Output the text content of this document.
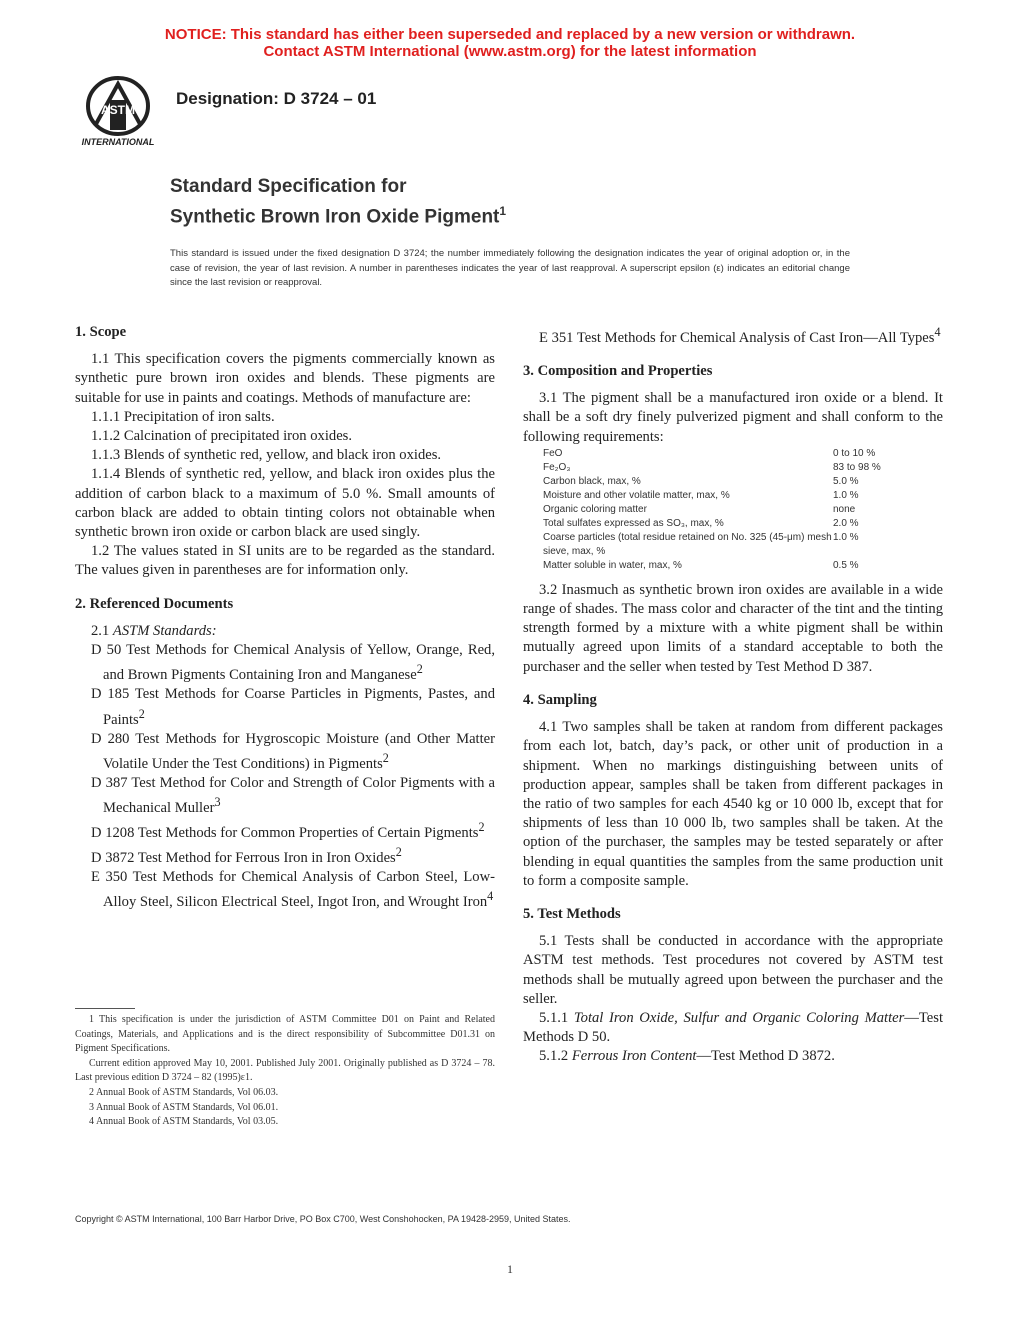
NOTICE: This standard has either been superseded and replaced by a new version or withdrawn.
Contact ASTM International (www.astm.org) for the latest information
ASTM
INTERNATIONAL
Designation: D 3724 – 01
Standard Specification for
Synthetic Brown Iron Oxide Pigment$^1$
This standard is issued under the fixed designation D 3724; the number immediately following the designation indicates the year of original adoption or, in the case of revision, the year of last revision. A number in parentheses indicates the year of last reapproval. A superscript epsilon (ε) indicates an editorial change since the last revision or reapproval.
1. Scope

1.1 This specification covers the pigments commercially known as synthetic pure brown iron oxides and blends. These pigments are suitable for use in paints and coatings. Methods of manufacture are:

1.1.1 Precipitation of iron salts.

1.1.2 Calcination of precipitated iron oxides.

1.1.3 Blends of synthetic red, yellow, and black iron oxides.

1.1.4 Blends of synthetic red, yellow, and black iron oxides plus the addition of carbon black to a maximum of 5.0 %. Small amounts of carbon black are added to obtain tinting colors not obtainable when synthetic brown iron oxide or carbon black are used singly.

1.2 The values stated in SI units are to be regarded as the standard. The values given in parentheses are for information only.

2. Referenced Documents

2.1 ASTM Standards:

D 50 Test Methods for Chemical Analysis of Yellow, Orange, Red, and Brown Pigments Containing Iron and Manganese$^2$

D 185 Test Methods for Coarse Particles in Pigments, Pastes, and Paints$^2$

D 280 Test Methods for Hygroscopic Moisture (and Other Matter Volatile Under the Test Conditions) in Pigments$^2$

D 387 Test Method for Color and Strength of Color Pigments with a Mechanical Muller$^3$

D 1208 Test Methods for Common Properties of Certain Pigments$^2$

D 3872 Test Method for Ferrous Iron in Iron Oxides$^2$

E 350 Test Methods for Chemical Analysis of Carbon Steel, Low-Alloy Steel, Silicon Electrical Steel, Ingot Iron, and Wrought Iron$^4$

1 This specification is under the jurisdiction of ASTM Committee D01 on Paint and Related Coatings, Materials, and Applications and is the direct responsibility of Subcommittee D01.31 on Pigment Specifications.

Current edition approved May 10, 2001. Published July 2001. Originally published as D 3724 – 78. Last previous edition D 3724 – 82 (1995)ε1.

2 Annual Book of ASTM Standards, Vol 06.03.

3 Annual Book of ASTM Standards, Vol 06.01.

4 Annual Book of ASTM Standards, Vol 03.05.

E 351 Test Methods for Chemical Analysis of Cast Iron—All Types$^4$

3. Composition and Properties

3.1 The pigment shall be a manufactured iron oxide or a blend. It shall be a soft dry finely pulverized pigment and shall conform to the following requirements:

FeO	0 to 10 %
Fe₂O₃	83 to 98 %
Carbon black, max, %	5.0 %
Moisture and other volatile matter, max, %	1.0 %
Organic coloring matter	none
Total sulfates expressed as SO₃, max, %	2.0 %
Coarse particles (total residue retained on No. 325 (45-μm) mesh sieve, max, %	1.0 %
Matter soluble in water, max, %	0.5 %

3.2 Inasmuch as synthetic brown iron oxides are available in a wide range of shades. The mass color and character of the tint and the tinting strength formed by a mixture with a white pigment shall be within mutually agreed upon limits of a standard acceptable to both the purchaser and the seller when tested by Test Method D 387.

4. Sampling

4.1 Two samples shall be taken at random from different packages from each lot, batch, day’s pack, or other unit of production in a shipment. When no markings distinguishing between units of production appear, samples shall be taken from different packages in the ratio of two samples for each 4540 kg or 10 000 lb, except that for shipments of less than 10 000 lb, two samples shall be taken. At the option of the purchaser, the samples may be tested separately or after blending in equal quantities the samples from the same production unit to form a composite sample.

5. Test Methods

5.1 Tests shall be conducted in accordance with the appropriate ASTM test methods. Test procedures not covered by ASTM test methods shall be mutually agreed upon between the purchaser and the seller.

5.1.1 Total Iron Oxide, Sulfur and Organic Coloring Matter—Test Methods D 50.

5.1.2 Ferrous Iron Content—Test Method D 3872.

Copyright © ASTM International, 100 Barr Harbor Drive, PO Box C700, West Conshohocken, PA 19428-2959, United States.
1
